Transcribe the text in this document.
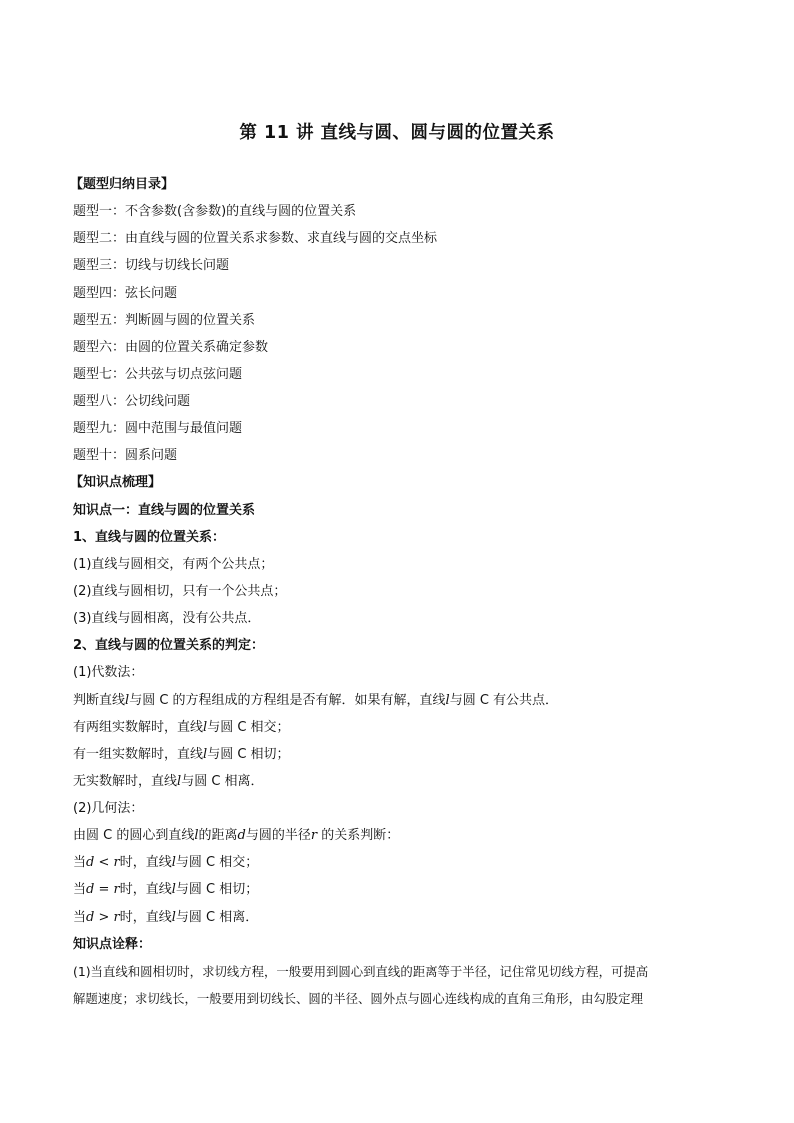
第 11 讲 直线与圆、圆与圆的位置关系
【题型归纳目录】
题型一：不含参数(含参数)的直线与圆的位置关系
题型二：由直线与圆的位置关系求参数、求直线与圆的交点坐标
题型三：切线与切线长问题
题型四：弦长问题
题型五：判断圆与圆的位置关系
题型六：由圆的位置关系确定参数
题型七：公共弦与切点弦问题
题型八：公切线问题
题型九：圆中范围与最值问题
题型十：圆系问题
【知识点梳理】
知识点一：直线与圆的位置关系
1、直线与圆的位置关系：
(1)直线与圆相交，有两个公共点；
(2)直线与圆相切，只有一个公共点；
(3)直线与圆相离，没有公共点．
2、直线与圆的位置关系的判定：
(1)代数法：
判断直线l与圆 C 的方程组成的方程组是否有解．如果有解，直线l与圆 C 有公共点．
有两组实数解时，直线l与圆 C 相交；
有一组实数解时，直线l与圆 C 相切；
无实数解时，直线l与圆 C 相离．
(2)几何法：
由圆 C 的圆心到直线l的距离d与圆的半径r 的关系判断：
当d < r时，直线l与圆 C 相交；
当d = r时，直线l与圆 C 相切；
当d > r时，直线l与圆 C 相离．
知识点诠释：
(1)当直线和圆相切时，求切线方程，一般要用到圆心到直线的距离等于半径，记住常见切线方程，可提高
解题速度；求切线长，一般要用到切线长、圆的半径、圆外点与圆心连线构成的直角三角形，由勾股定理
